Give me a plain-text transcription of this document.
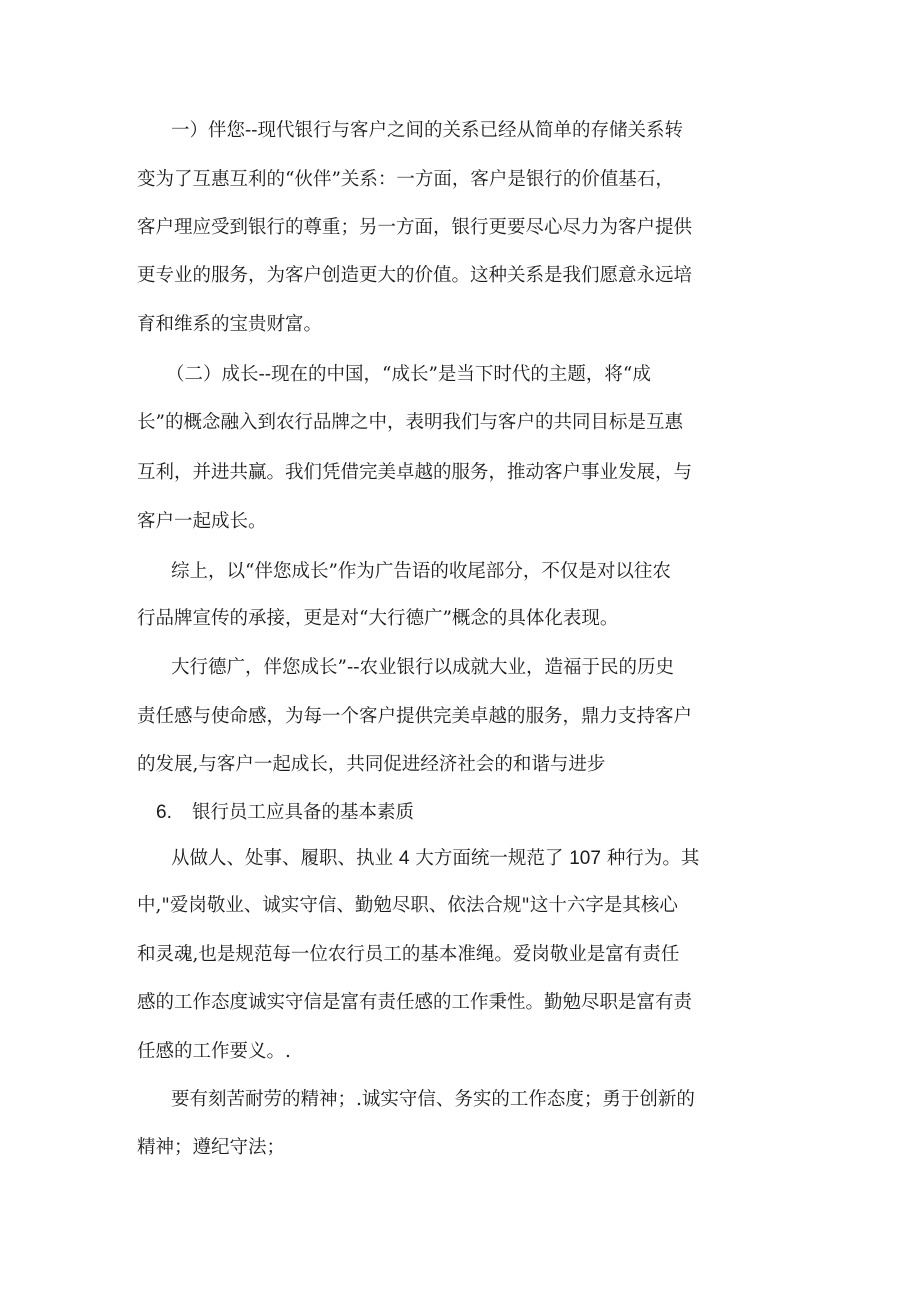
一）伴您--现代银行与客户之间的关系已经从简单的存储关系转
变为了互惠互利的“伙伴”关系：一方面，客户是银行的价值基石，
客户理应受到银行的尊重；另一方面，银行更要尽心尽力为客户提供
更专业的服务，为客户创造更大的价值。这种关系是我们愿意永远培
育和维系的宝贵财富。
（二）成长--现在的中国，“成长”是当下时代的主题，将“成
长”的概念融入到农行品牌之中，表明我们与客户的共同目标是互惠
互利，并进共赢。我们凭借完美卓越的服务，推动客户事业发展，与
客户一起成长。
综上，以“伴您成长”作为广告语的收尾部分，不仅是对以往农
行品牌宣传的承接，更是对“大行德广”概念的具体化表现。
大行德广，伴您成长”--农业银行以成就大业，造福于民的历史
责任感与使命感，为每一个客户提供完美卓越的服务，鼎力支持客户
的发展,与客户一起成长，共同促进经济社会的和谐与进步
6. 银行员工应具备的基本素质
从做人、处事、履职、执业 4 大方面统一规范了 107 种行为。其
中,"爱岗敬业、诚实守信、勤勉尽职、依法合规"这十六字是其核心
和灵魂,也是规范每一位农行员工的基本准绳。爱岗敬业是富有责任
感的工作态度诚实守信是富有责任感的工作秉性。勤勉尽职是富有责
任感的工作要义。.
要有刻苦耐劳的精神；.诚实守信、务实的工作态度；勇于创新的
精神；遵纪守法；
